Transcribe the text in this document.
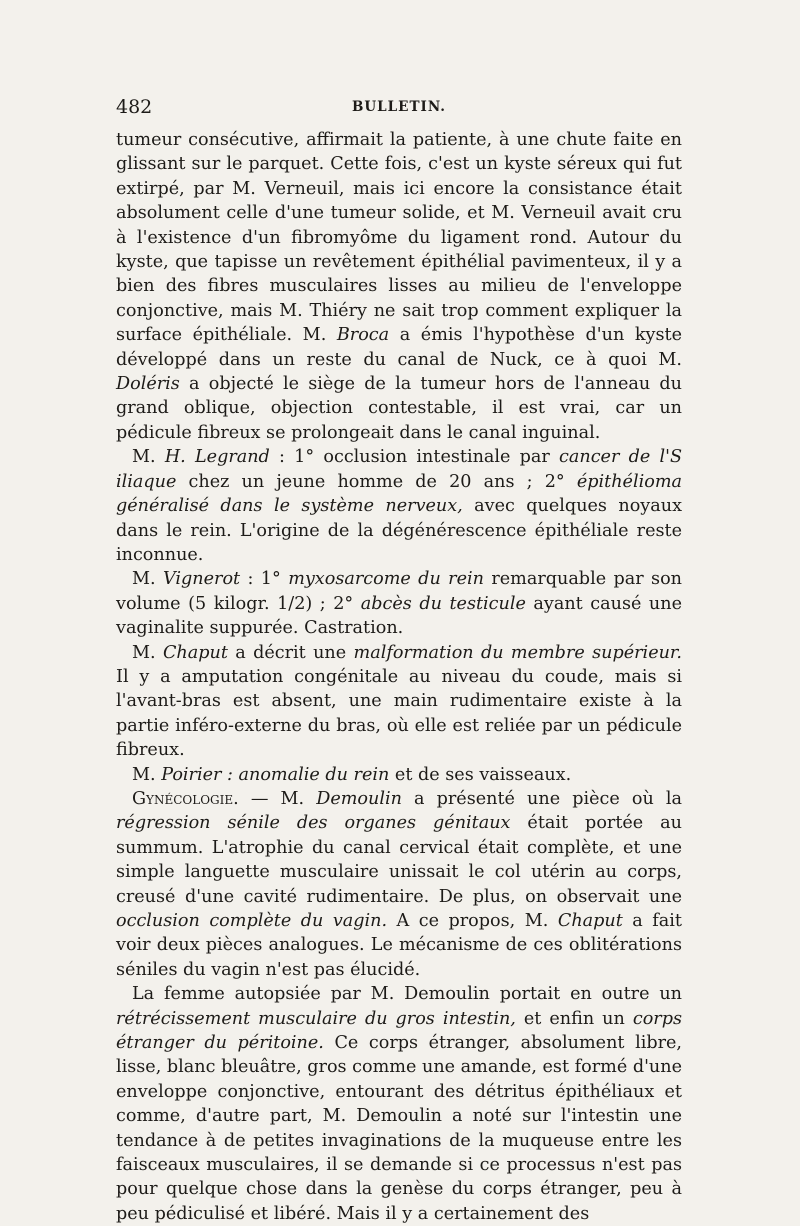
482	BULLETIN.

tumeur consécutive, affirmait la patiente, à une chute faite en glissant sur le parquet. Cette fois, c'est un kyste séreux qui fut extirpé, par M. Verneuil, mais ici encore la consistance était absolument celle d'une tumeur solide, et M. Verneuil avait cru à l'existence d'un fibromyôme du ligament rond. Autour du kyste, que tapisse un revêtement épithélial pavimenteux, il y a bien des fibres musculaires lisses au milieu de l'enveloppe conjonctive, mais M. Thiéry ne sait trop comment expliquer la surface épithéliale. M. Broca a émis l'hypothèse d'un kyste développé dans un reste du canal de Nuck, ce à quoi M. Doléris a objecté le siège de la tumeur hors de l'anneau du grand oblique, objection contestable, il est vrai, car un pédicule fibreux se prolongeait dans le canal inguinal.

M. H. Legrand : 1° occlusion intestinale par cancer de l'S iliaque chez un jeune homme de 20 ans ; 2° épithélioma généralisé dans le système nerveux, avec quelques noyaux dans le rein. L'origine de la dégénérescence épithéliale reste inconnue.

M. Vignerot : 1° myxosarcome du rein remarquable par son volume (5 kilogr. 1/2) ; 2° abcès du testicule ayant causé une vaginalite suppurée. Castration.

M. Chaput a décrit une malformation du membre supérieur. Il y a amputation congénitale au niveau du coude, mais si l'avant-bras est absent, une main rudimentaire existe à la partie inféro-externe du bras, où elle est reliée par un pédicule fibreux.

M. Poirier : anomalie du rein et de ses vaisseaux.

Gynécologie. — M. Demoulin a présenté une pièce où la régression sénile des organes génitaux était portée au summum. L'atrophie du canal cervical était complète, et une simple languette musculaire unissait le col utérin au corps, creusé d'une cavité rudimentaire. De plus, on observait une occlusion complète du vagin. A ce propos, M. Chaput a fait voir deux pièces analogues. Le mécanisme de ces oblitérations séniles du vagin n'est pas élucidé.

La femme autopsiée par M. Demoulin portait en outre un rétrécissement musculaire du gros intestin, et enfin un corps étranger du péritoine. Ce corps étranger, absolument libre, lisse, blanc bleuâtre, gros comme une amande, est formé d'une enveloppe conjonctive, entourant des détritus épithéliaux et comme, d'autre part, M. Demoulin a noté sur l'intestin une tendance à de petites invaginations de la muqueuse entre les faisceaux musculaires, il se demande si ce processus n'est pas pour quelque chose dans la genèse du corps étranger, peu à peu pédiculisé et libéré. Mais il y a certainement des
